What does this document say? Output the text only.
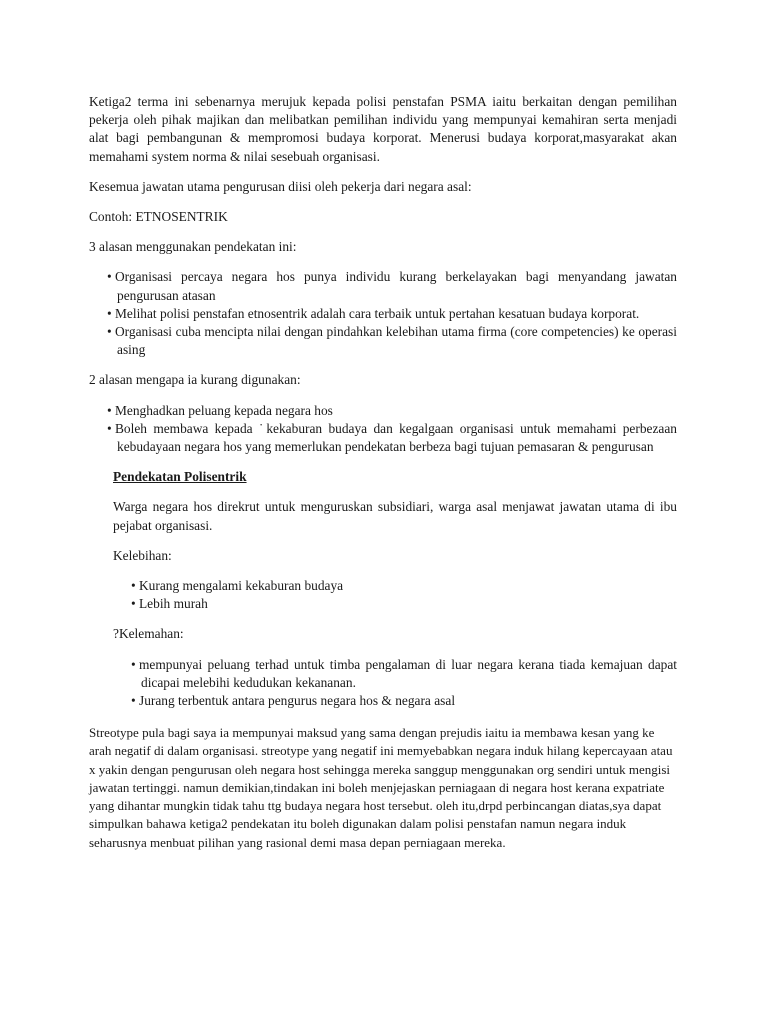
Ketiga2 terma ini sebenarnya merujuk kepada polisi penstafan PSMA iaitu berkaitan dengan pemilihan pekerja oleh pihak majikan dan melibatkan pemilihan individu yang mempunyai kemahiran serta menjadi alat bagi pembangunan & mempromosi budaya korporat. Menerusi budaya korporat,masyarakat akan memahami system norma & nilai sesebuah organisasi.

Kesemua jawatan utama pengurusan diisi oleh pekerja dari negara asal:

Contoh: ETNOSENTRIK

3 alasan menggunakan pendekatan ini:

• Organisasi percaya negara hos punya individu kurang berkelayakan bagi menyandang jawatan pengurusan atasan
• Melihat polisi penstafan etnosentrik adalah cara terbaik untuk pertahan kesatuan budaya korporat.
• Organisasi cuba mencipta nilai dengan pindahkan kelebihan utama firma (core competencies) ke operasi asing

2 alasan mengapa ia kurang digunakan:

• Menghadkan peluang kepada negara hos
• Boleh membawa kepada ˙kekaburan budaya dan kegalgaan organisasi untuk memahami perbezaan kebudayaan negara hos yang memerlukan pendekatan berbeza bagi tujuan pemasaran & pengurusan

Pendekatan Polisentrik

Warga negara hos direkrut untuk menguruskan subsidiari, warga asal menjawat jawatan utama di ibu pejabat organisasi.

Kelebihan:

• Kurang mengalami kekaburan budaya
• Lebih murah

?Kelemahan:

• mempunyai peluang terhad untuk timba pengalaman di luar negara kerana tiada kemajuan dapat dicapai melebihi kedudukan kekananan.
• Jurang terbentuk antara pengurus negara hos & negara asal

Streotype pula bagi saya ia mempunyai maksud yang sama dengan prejudis iaitu ia membawa kesan yang ke arah negatif di dalam organisasi. streotype yang negatif ini memyebabkan negara induk hilang kepercayaan atau x yakin dengan pengurusan oleh negara host sehingga mereka sanggup menggunakan org sendiri untuk mengisi jawatan tertinggi. namun demikian,tindakan ini boleh menjejaskan perniagaan di negara host kerana expatriate yang dihantar mungkin tidak tahu ttg budaya negara host tersebut. oleh itu,drpd perbincangan diatas,sya dapat simpulkan bahawa ketiga2 pendekatan itu boleh digunakan dalam polisi penstafan namun negara induk seharusnya menbuat pilihan yang rasional demi masa depan perniagaan mereka.
